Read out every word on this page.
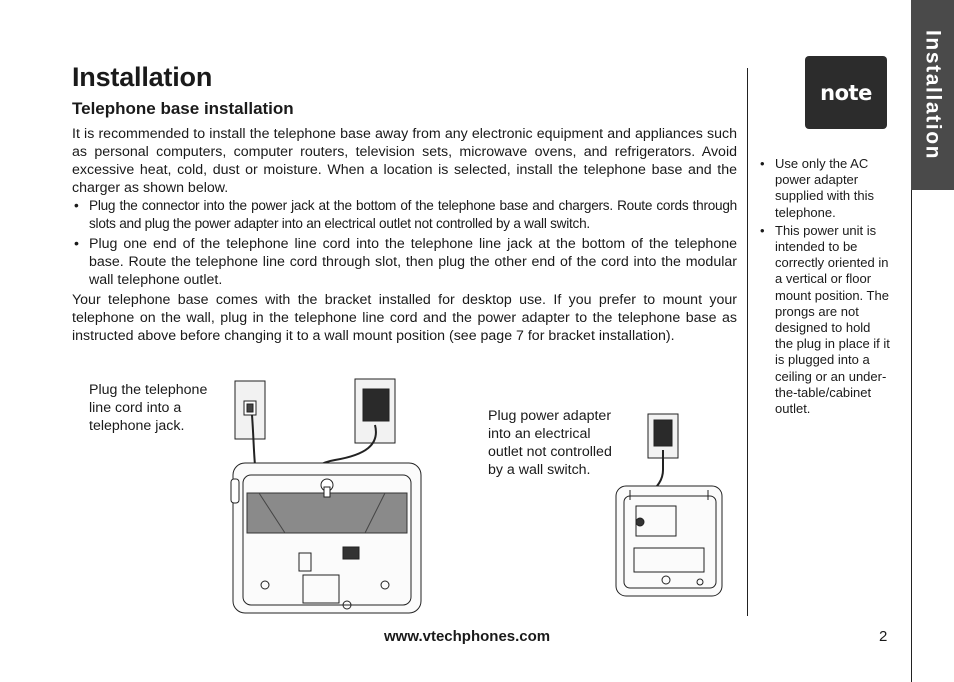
Installation
Telephone base installation

It is recommended to install the telephone base away from any electronic equipment and appliances such as personal computers, computer routers, television sets, microwave ovens, and refrigerators. Avoid excessive heat, cold, dust or moisture. When a location is selected, install the telephone base and the charger as shown below.

• Plug the connector into the power jack at the bottom of the telephone base and chargers. Route cords through slots and plug the power adapter into an electrical outlet not controlled by a wall switch.
• Plug one end of the telephone line cord into the telephone line jack at the bottom of the telephone base. Route the telephone line cord through slot, then plug the other end of the cord into the modular wall telephone outlet.

Your telephone base comes with the bracket installed for desktop use. If you prefer to mount your telephone on the wall, plug in the telephone line cord and the power adapter to the telephone base as instructed above before changing it to a wall mount position (see page 7 for bracket installation).

Plug the telephone line cord into a telephone jack.
Plug power adapter into an electrical outlet not controlled by a wall switch.
note
• Use only the AC power adapter supplied with this telephone.
• This power unit is intended to be correctly oriented in a vertical or floor mount position. The prongs are not designed to hold the plug in place if it is plugged into a ceiling or an under-the-table/cabinet outlet.
Installation
www.vtechphones.com	2
